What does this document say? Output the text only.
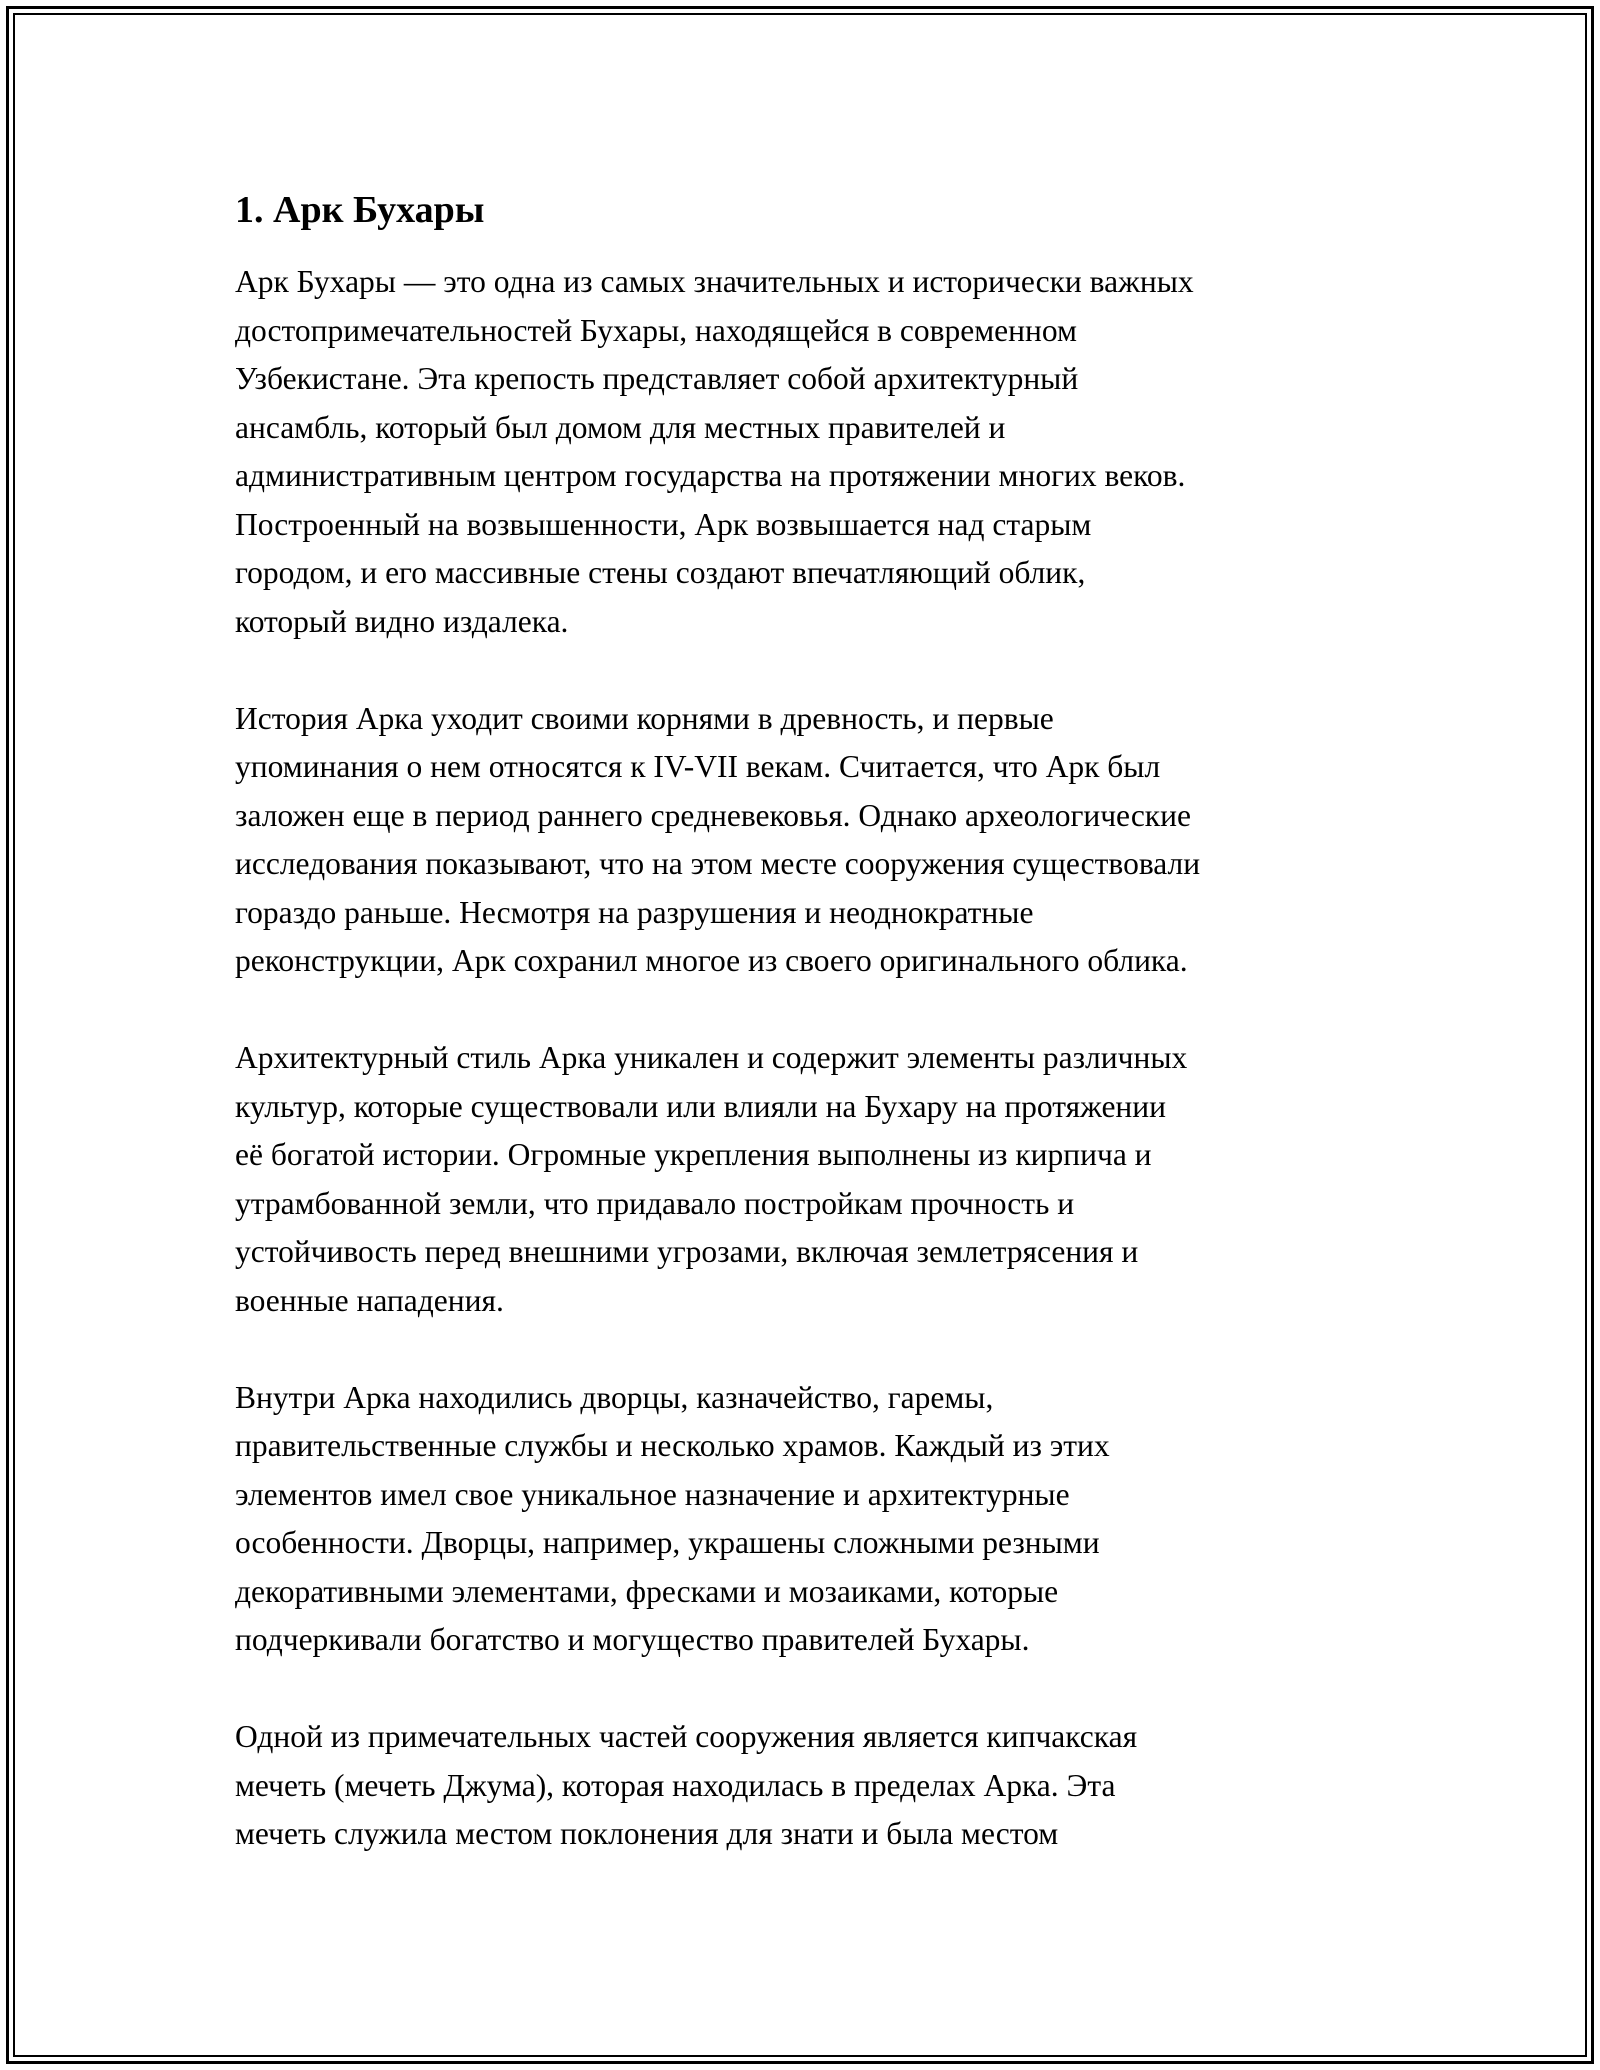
1. Арк Бухары
Арк Бухары — это одна из самых значительных и исторически важных
достопримечательностей Бухары, находящейся в современном
Узбекистане. Эта крепость представляет собой архитектурный
ансамбль, который был домом для местных правителей и
административным центром государства на протяжении многих веков.
Построенный на возвышенности, Арк возвышается над старым
городом, и его массивные стены создают впечатляющий облик,
который видно издалека.
История Арка уходит своими корнями в древность, и первые
упоминания о нем относятся к IV-VII векам. Считается, что Арк был
заложен еще в период раннего средневековья. Однако археологические
исследования показывают, что на этом месте сооружения существовали
гораздо раньше. Несмотря на разрушения и неоднократные
реконструкции, Арк сохранил многое из своего оригинального облика.
Архитектурный стиль Арка уникален и содержит элементы различных
культур, которые существовали или влияли на Бухару на протяжении
её богатой истории. Огромные укрепления выполнены из кирпича и
утрамбованной земли, что придавало постройкам прочность и
устойчивость перед внешними угрозами, включая землетрясения и
военные нападения.
Внутри Арка находились дворцы, казначейство, гаремы,
правительственные службы и несколько храмов. Каждый из этих
элементов имел свое уникальное назначение и архитектурные
особенности. Дворцы, например, украшены сложными резными
декоративными элементами, фресками и мозаиками, которые
подчеркивали богатство и могущество правителей Бухары.
Одной из примечательных частей сооружения является кипчакская
мечеть (мечеть Джума), которая находилась в пределах Арка. Эта
мечеть служила местом поклонения для знати и была местом
